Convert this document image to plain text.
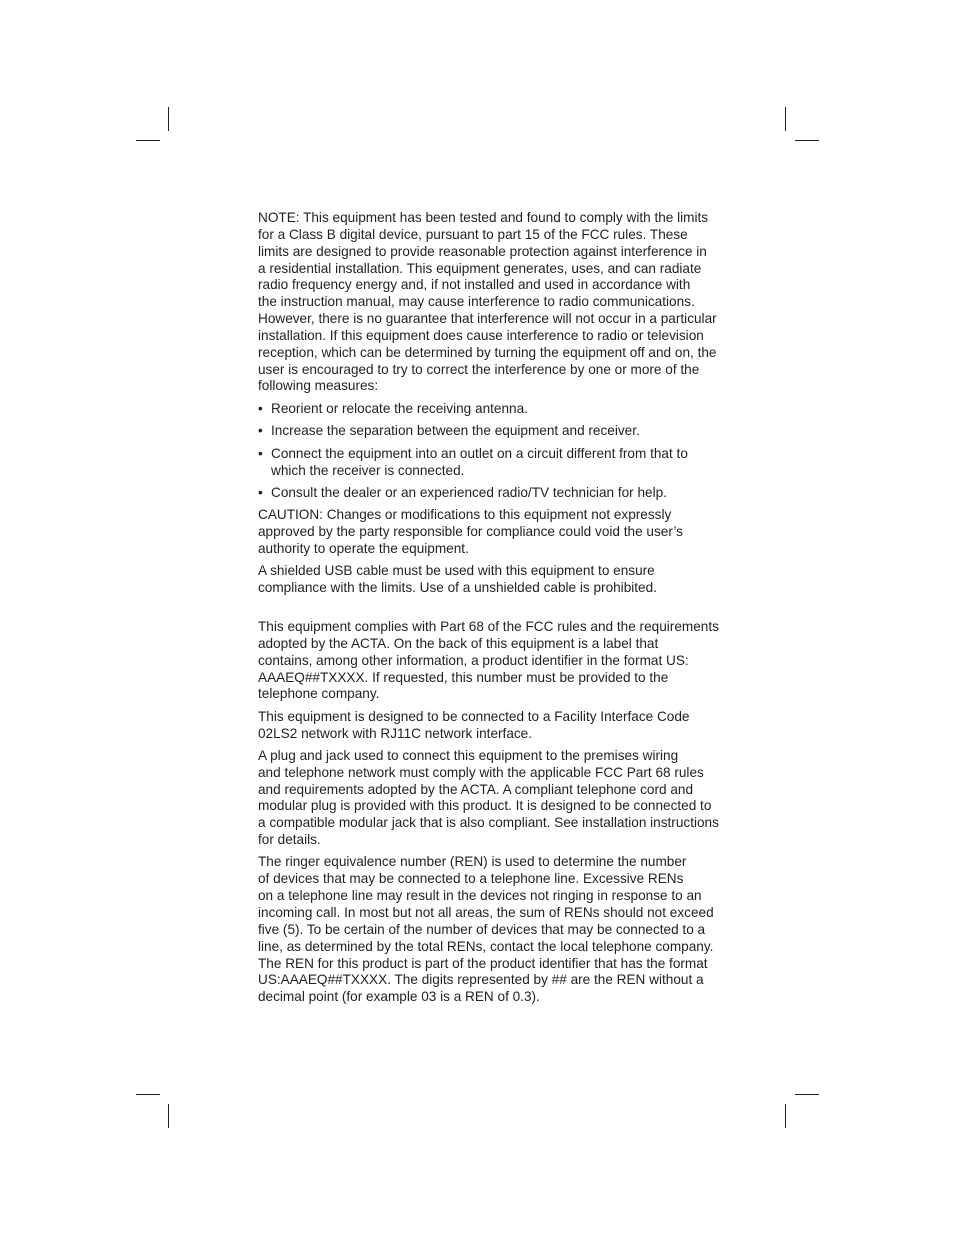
NOTE: This equipment has been tested and found to comply with the limits
for a Class B digital device, pursuant to part 15 of the FCC rules. These
limits are designed to provide reasonable protection against interference in
a residential installation. This equipment generates, uses, and can radiate
radio frequency energy and, if not installed and used in accordance with
the instruction manual, may cause interference to radio communications.
However, there is no guarantee that interference will not occur in a particular
installation. If this equipment does cause interference to radio or television
reception, which can be determined by turning the equipment off and on, the
user is encouraged to try to correct the interference by one or more of the
following measures:

• Reorient or relocate the receiving antenna.
• Increase the separation between the equipment and receiver.
• Connect the equipment into an outlet on a circuit different from that to
which the receiver is connected.
• Consult the dealer or an experienced radio/TV technician for help.

CAUTION: Changes or modifications to this equipment not expressly
approved by the party responsible for compliance could void the user’s
authority to operate the equipment.

A shielded USB cable must be used with this equipment to ensure
compliance with the limits. Use of a unshielded cable is prohibited.

This equipment complies with Part 68 of the FCC rules and the requirements
adopted by the ACTA. On the back of this equipment is a label that
contains, among other information, a product identifier in the format US:
AAAEQ##TXXXX. If requested, this number must be provided to the
telephone company.

This equipment is designed to be connected to a Facility Interface Code
02LS2 network with RJ11C network interface.

A plug and jack used to connect this equipment to the premises wiring
and telephone network must comply with the applicable FCC Part 68 rules
and requirements adopted by the ACTA. A compliant telephone cord and
modular plug is provided with this product. It is designed to be connected to
a compatible modular jack that is also compliant. See installation instructions
for details.

The ringer equivalence number (REN) is used to determine the number
of devices that may be connected to a telephone line. Excessive RENs
on a telephone line may result in the devices not ringing in response to an
incoming call. In most but not all areas, the sum of RENs should not exceed
five (5). To be certain of the number of devices that may be connected to a
line, as determined by the total RENs, contact the local telephone company.
The REN for this product is part of the product identifier that has the format
US:AAAEQ##TXXXX. The digits represented by ## are the REN without a
decimal point (for example 03 is a REN of 0.3).
